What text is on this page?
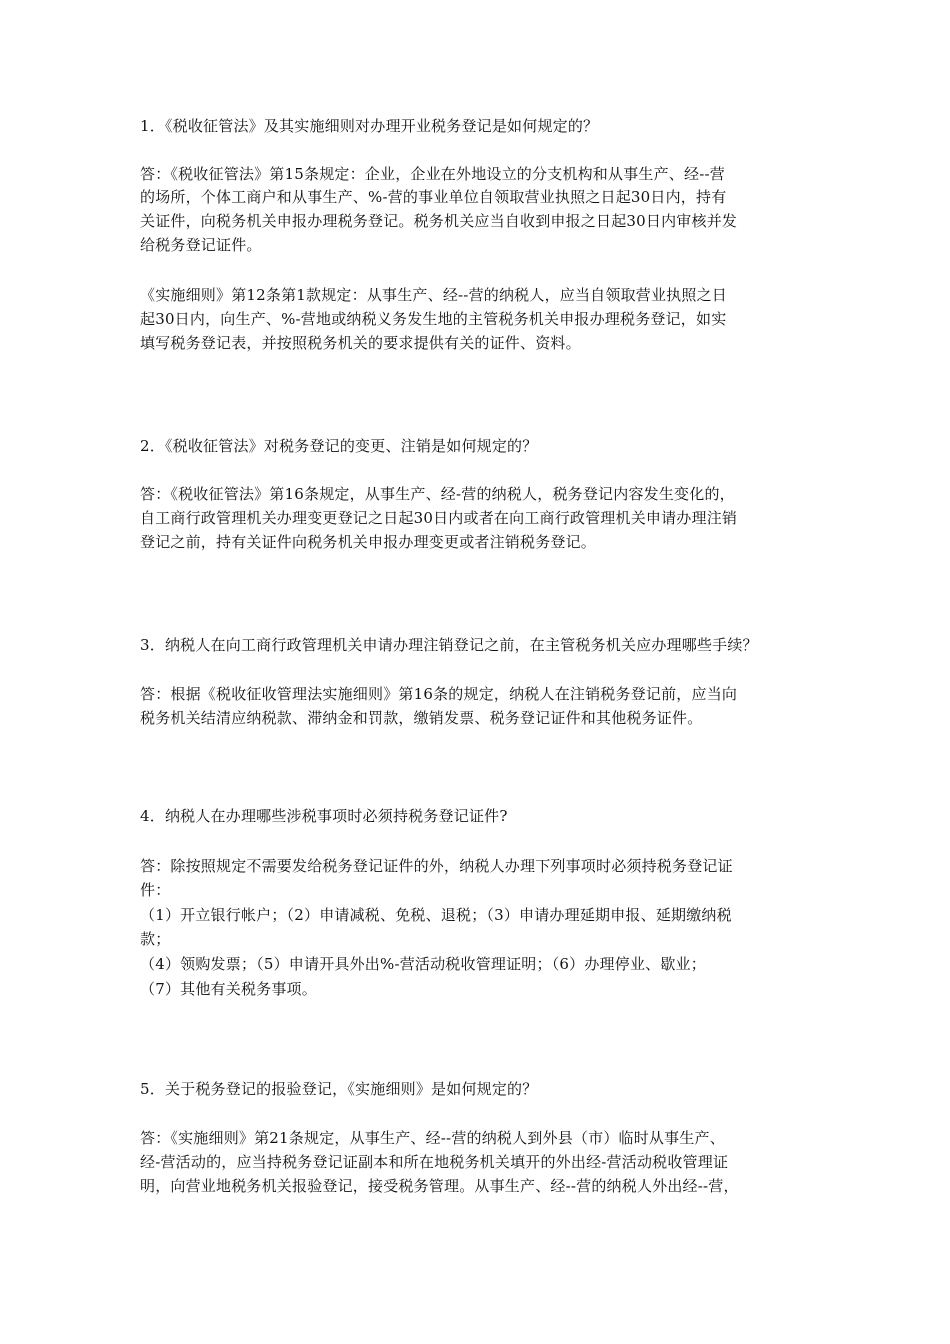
1．《税收征管法》及其实施细则对办理开业税务登记是如何规定的？
答：《税收征管法》第15条规定：企业，企业在外地设立的分支机构和从事生产、经--营
的场所，个体工商户和从事生产、%-营的事业单位自领取营业执照之日起30日内，持有
关证件，向税务机关申报办理税务登记。税务机关应当自收到申报之日起30日内审核并发
给税务登记证件。
《实施细则》第12条第1款规定：从事生产、经--营的纳税人，应当自领取营业执照之日
起30日内，向生产、%-营地或纳税义务发生地的主管税务机关申报办理税务登记，如实
填写税务登记表，并按照税务机关的要求提供有关的证件、资料。
2．《税收征管法》对税务登记的变更、注销是如何规定的？
答：《税收征管法》第16条规定，从事生产、经-营的纳税人，税务登记内容发生变化的，
自工商行政管理机关办理变更登记之日起30日内或者在向工商行政管理机关申请办理注销
登记之前，持有关证件向税务机关申报办理变更或者注销税务登记。
3．纳税人在向工商行政管理机关申请办理注销登记之前，在主管税务机关应办理哪些手续？
答：根据《税收征收管理法实施细则》第16条的规定，纳税人在注销税务登记前，应当向
税务机关结清应纳税款、滞纳金和罚款，缴销发票、税务登记证件和其他税务证件。
4．纳税人在办理哪些涉税事项时必须持税务登记证件?
答：除按照规定不需要发给税务登记证件的外，纳税人办理下列事项时必须持税务登记证
件：
（1）开立银行帐户；（2）申请减税、免税、退税；（3）申请办理延期申报、延期缴纳税
款；
（4）领购发票；（5）申请开具外出%-营活动税收管理证明；（6）办理停业、歇业；
（7）其他有关税务事项。
5．关于税务登记的报验登记，《实施细则》是如何规定的？
答：《实施细则》第21条规定，从事生产、经--营的纳税人到外县（市）临时从事生产、
经-营活动的，应当持税务登记证副本和所在地税务机关填开的外出经-营活动税收管理证
明，向营业地税务机关报验登记，接受税务管理。从事生产、经--营的纳税人外出经--营，
